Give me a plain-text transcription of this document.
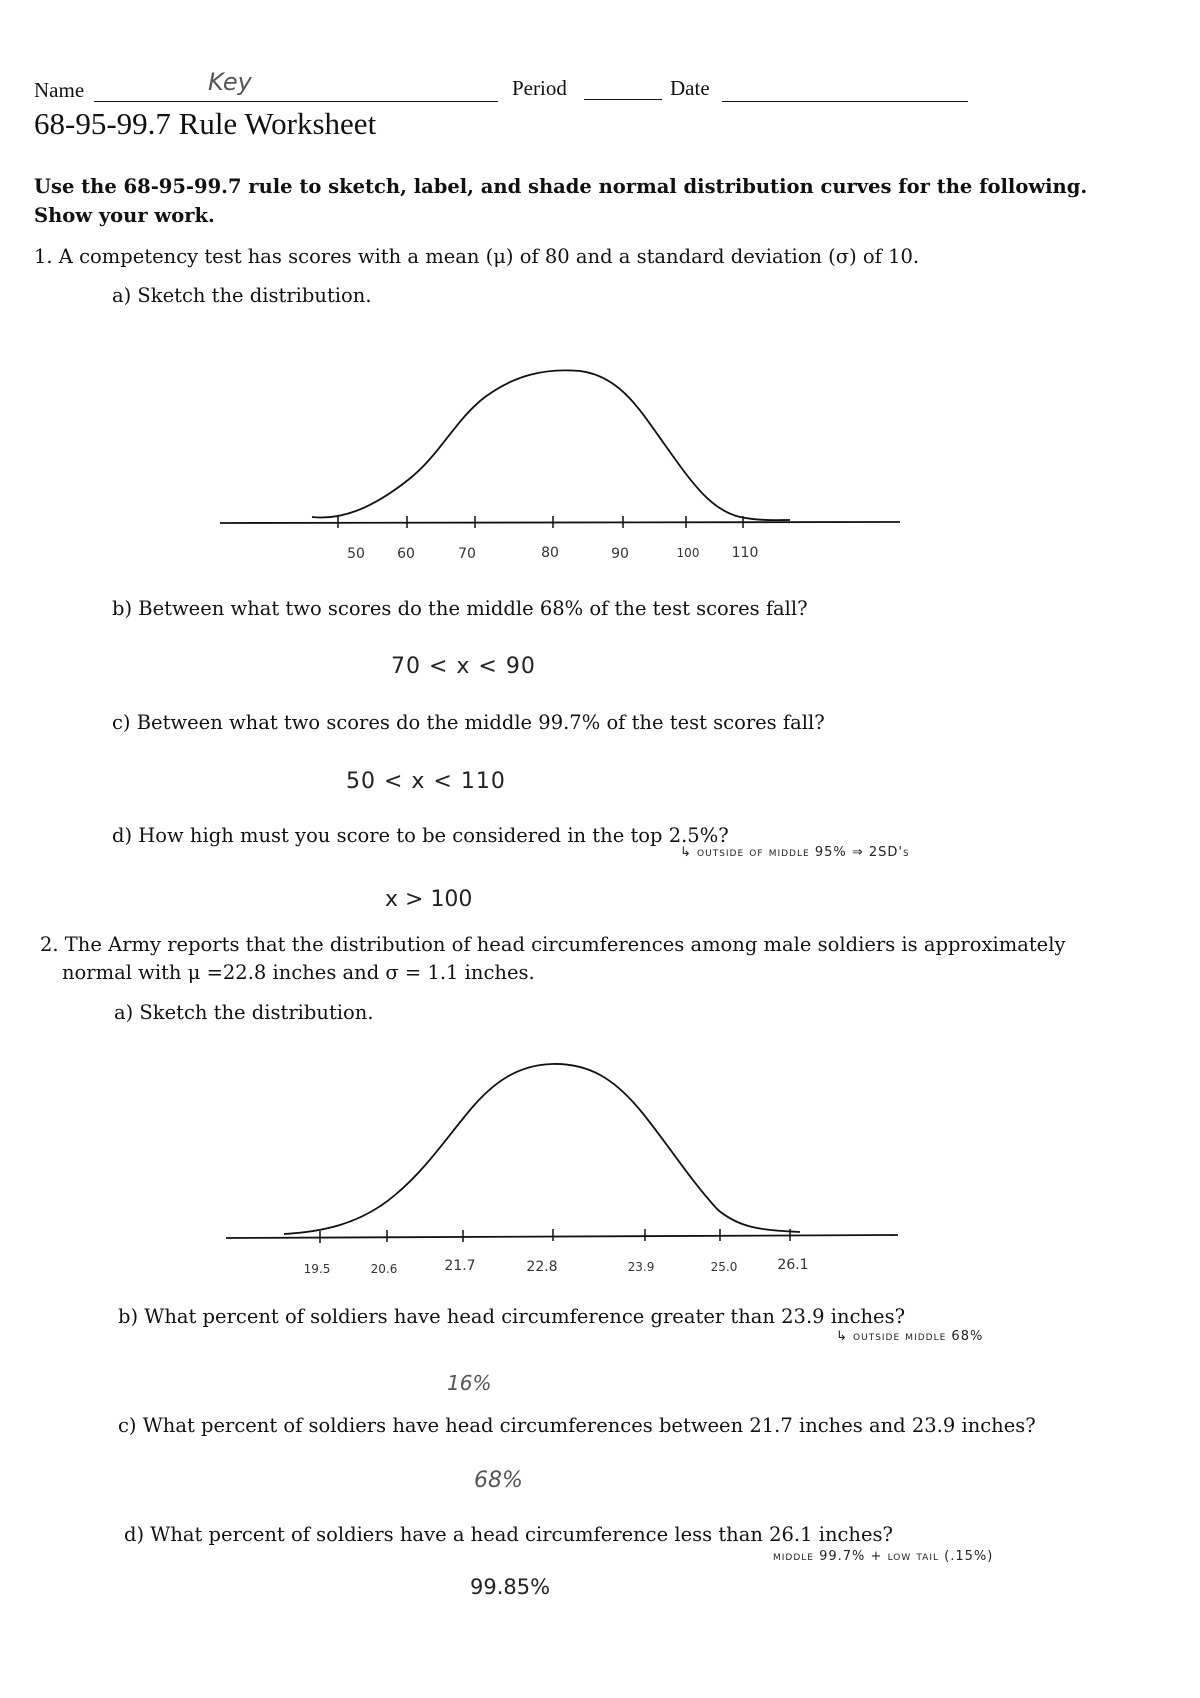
Name	Key	Period	Date
68-95-99.7 Rule Worksheet
Use the 68-95-99.7 rule to sketch, label, and shade normal distribution curves for the following. Show your work.
1. A competency test has scores with a mean (μ) of 80 and a standard deviation (σ) of 10.
a) Sketch the distribution.
50 60	70	80	90	100 110
b) Between what two scores do the middle 68% of the test scores fall?
70 < x < 90
c) Between what two scores do the middle 99.7% of the test scores fall?
50 < x < 110
d) How high must you score to be considered in the top 2.5%?
↳ outside of middle 95% ⇒ 2SD's
x > 100
2. The Army reports that the distribution of head circumferences among male soldiers is approximately
normal with μ =22.8 inches and σ = 1.1 inches.
a) Sketch the distribution.
19.5	20.6	21.7	22.8	23.9	25.0	26.1
b) What percent of soldiers have head circumference greater than 23.9 inches?
↳ outside middle 68%
16%
c) What percent of soldiers have head circumferences between 21.7 inches and 23.9 inches?
68%
d) What percent of soldiers have a head circumference less than 26.1 inches?
middle 99.7% + low tail (.15%)
99.85%
